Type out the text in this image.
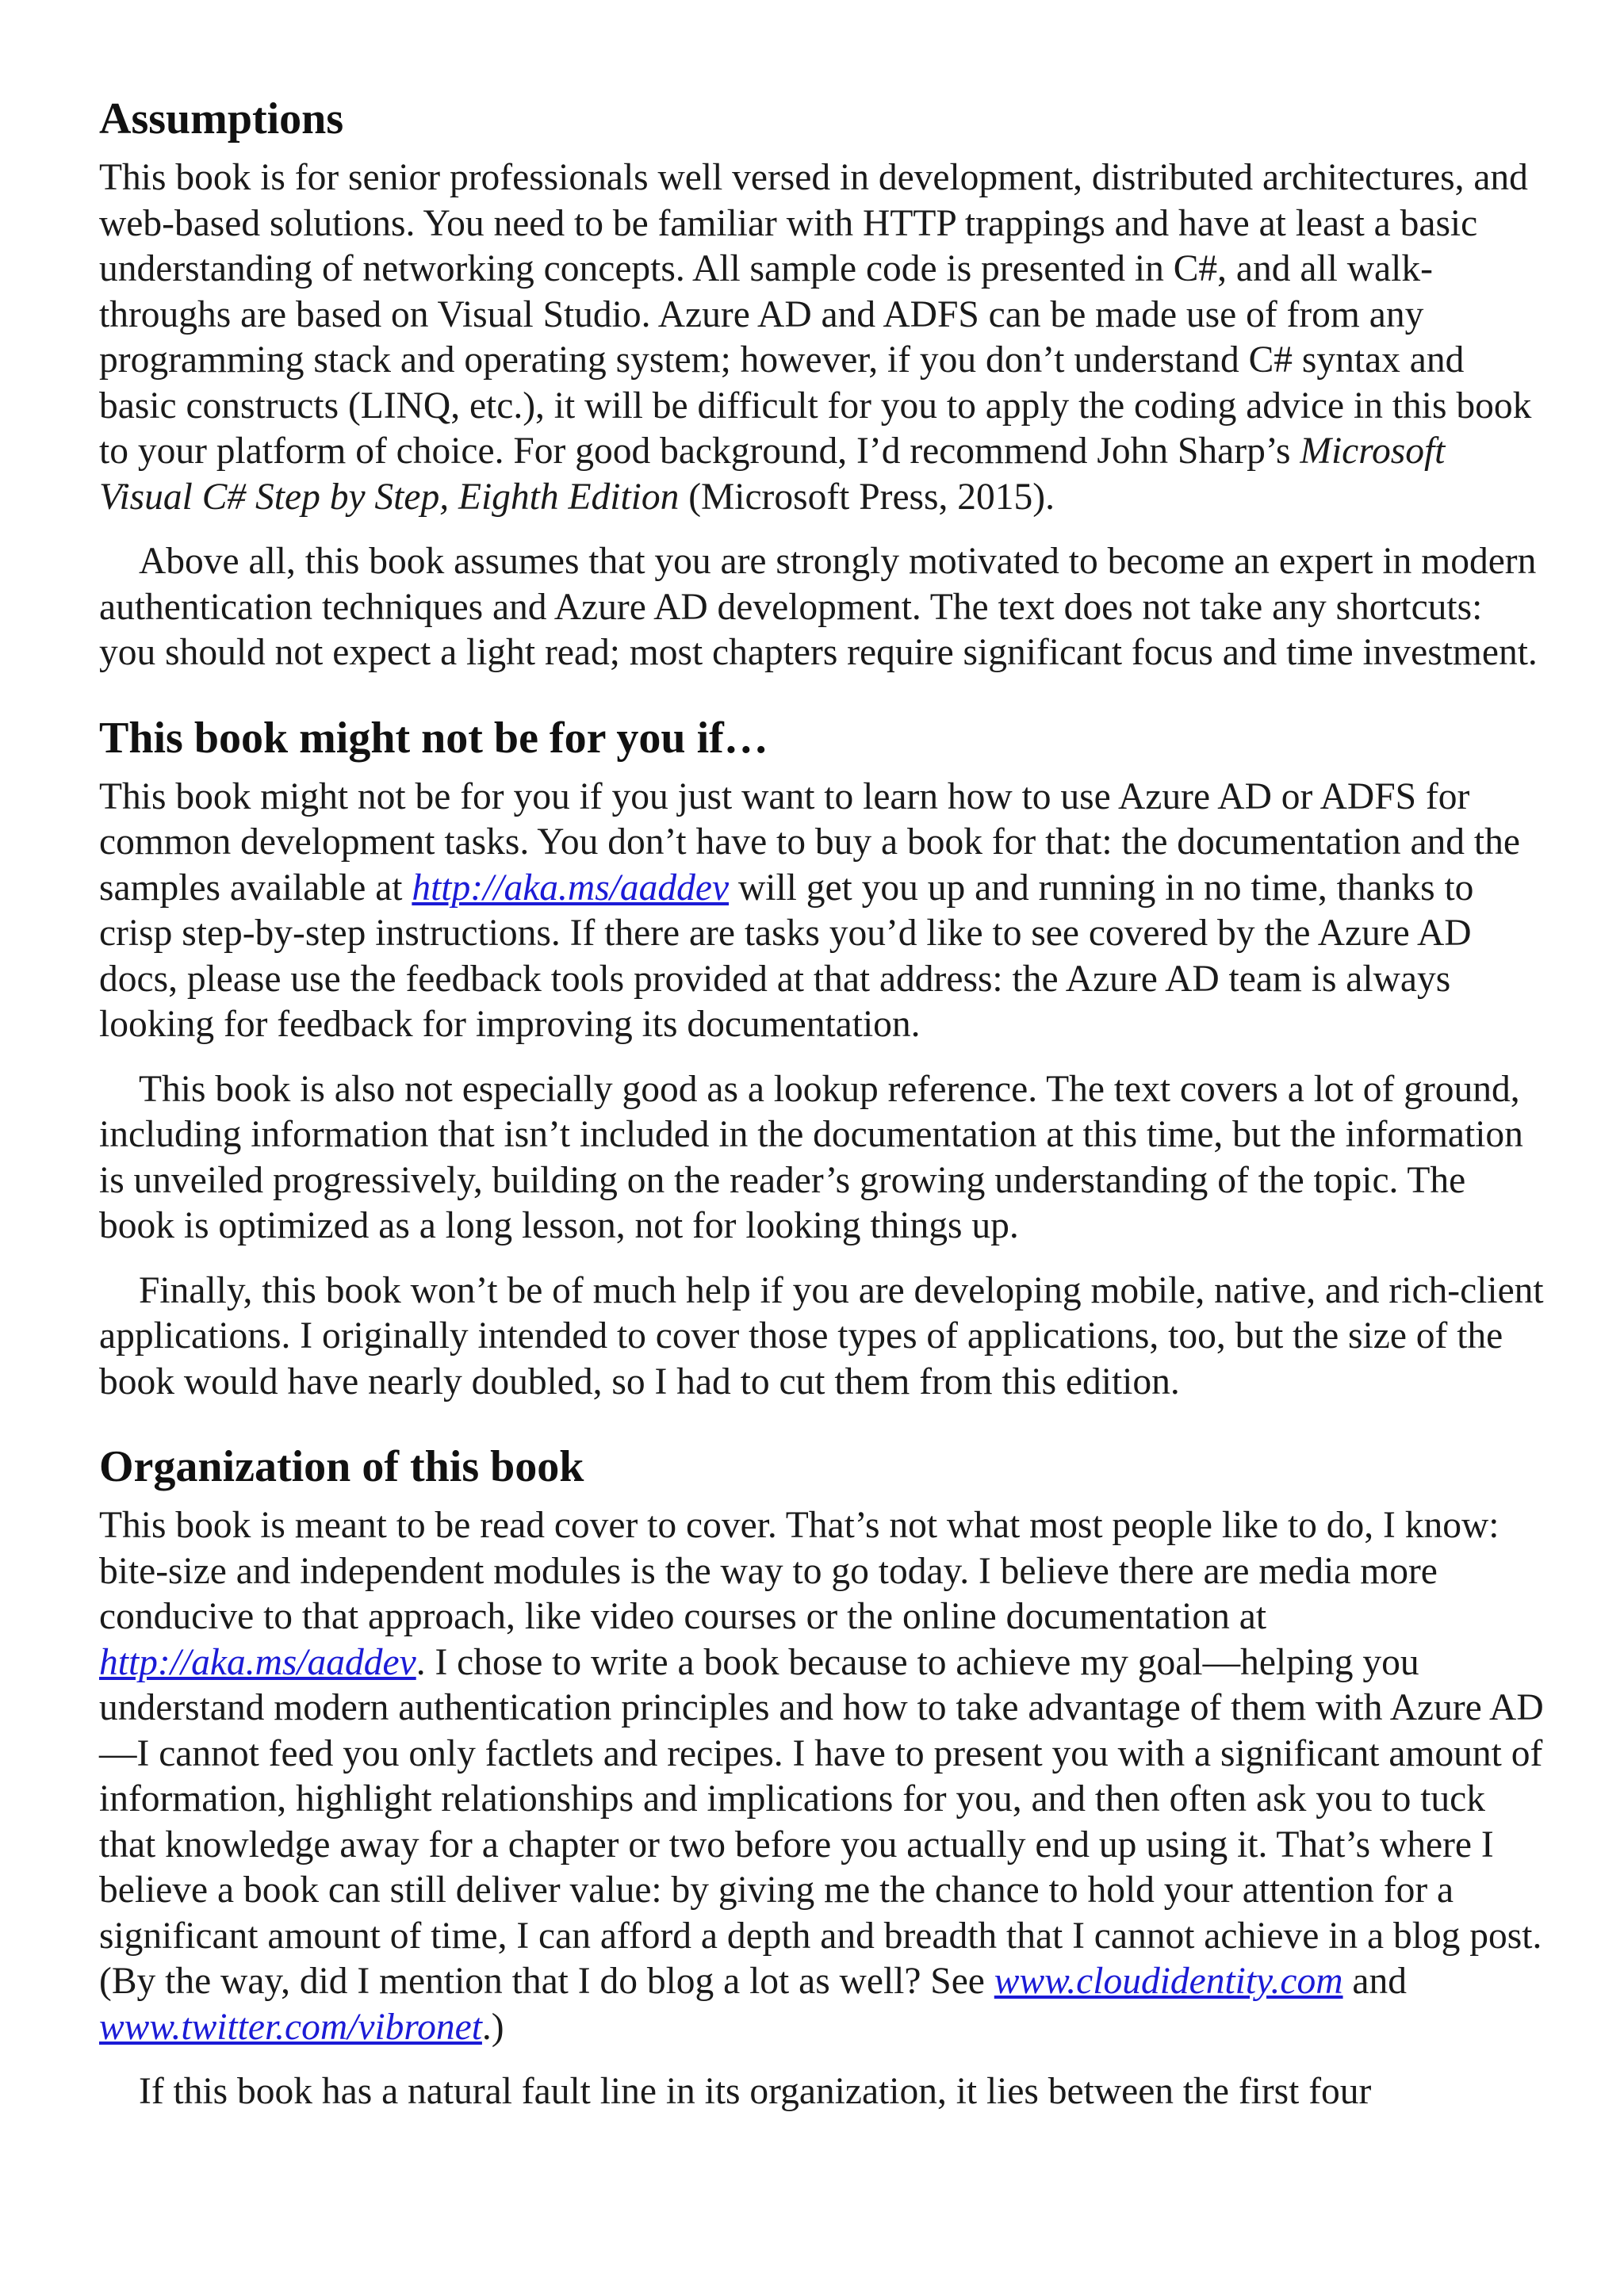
Assumptions

This book is for senior professionals well versed in development, distributed architectures, and web-based solutions. You need to be familiar with HTTP trappings and have at least a basic understanding of networking concepts. All sample code is presented in C#, and all walk-throughs are based on Visual Studio. Azure AD and ADFS can be made use of from any programming stack and operating system; however, if you don’t understand C# syntax and basic constructs (LINQ, etc.), it will be difficult for you to apply the coding advice in this book to your platform of choice. For good background, I’d recommend John Sharp’s Microsoft Visual C# Step by Step, Eighth Edition (Microsoft Press, 2015).

Above all, this book assumes that you are strongly motivated to become an expert in modern authentication techniques and Azure AD development. The text does not take any shortcuts: you should not expect a light read; most chapters require significant focus and time investment.

This book might not be for you if…

This book might not be for you if you just want to learn how to use Azure AD or ADFS for common development tasks. You don’t have to buy a book for that: the documentation and the samples available at http://aka.ms/aaddev will get you up and running in no time, thanks to crisp step-by-step instructions. If there are tasks you’d like to see covered by the Azure AD docs, please use the feedback tools provided at that address: the Azure AD team is always looking for feedback for improving its documentation.

This book is also not especially good as a lookup reference. The text covers a lot of ground, including information that isn’t included in the documentation at this time, but the information is unveiled progressively, building on the reader’s growing understanding of the topic. The book is optimized as a long lesson, not for looking things up.

Finally, this book won’t be of much help if you are developing mobile, native, and rich-client applications. I originally intended to cover those types of applications, too, but the size of the book would have nearly doubled, so I had to cut them from this edition.

Organization of this book

This book is meant to be read cover to cover. That’s not what most people like to do, I know: bite-size and independent modules is the way to go today. I believe there are media more conducive to that approach, like video courses or the online documentation at http://aka.ms/aaddev. I chose to write a book because to achieve my goal—helping you understand modern authentication principles and how to take advantage of them with Azure AD—I cannot feed you only factlets and recipes. I have to present you with a significant amount of information, highlight relationships and implications for you, and then often ask you to tuck that knowledge away for a chapter or two before you actually end up using it. That’s where I believe a book can still deliver value: by giving me the chance to hold your attention for a significant amount of time, I can afford a depth and breadth that I cannot achieve in a blog post. (By the way, did I mention that I do blog a lot as well? See www.cloudidentity.com and www.twitter.com/vibronet.)

If this book has a natural fault line in its organization, it lies between the first four
